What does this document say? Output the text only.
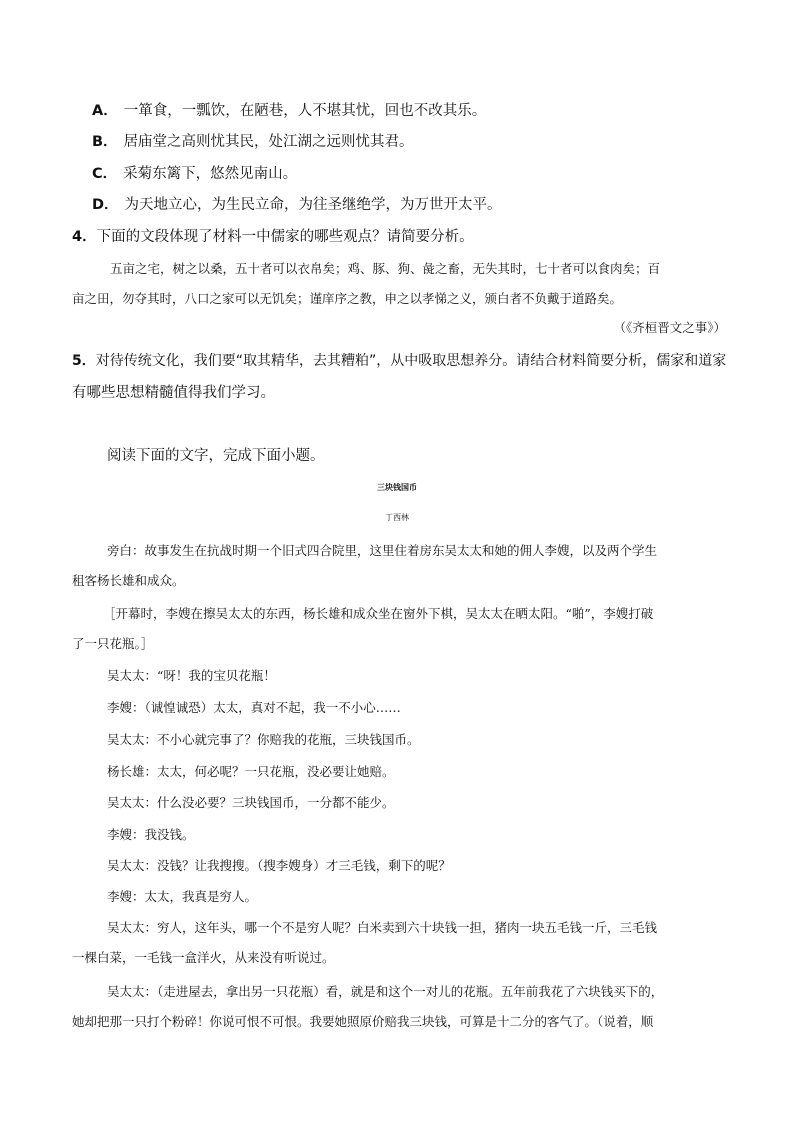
A． 一箪食，一瓢饮，在陋巷，人不堪其忧，回也不改其乐。
B． 居庙堂之高则忧其民，处江湖之远则忧其君。
C． 采菊东篱下，悠然见南山。
D． 为天地立心，为生民立命，为往圣继绝学，为万世开太平。
4．下面的文段体现了材料一中儒家的哪些观点？请简要分析。
五亩之宅，树之以桑，五十者可以衣帛矣；鸡、豚、狗、彘之畜，无失其时，七十者可以食肉矣；百
亩之田，勿夺其时，八口之家可以无饥矣；谨庠序之教，申之以孝悌之义，颁白者不负戴于道路矣。
（《齐桓晋文之事》）
5．对待传统文化，我们要“取其精华，去其糟粕”，从中吸取思想养分。请结合材料简要分析，儒家和道家
有哪些思想精髓值得我们学习。
阅读下面的文字，完成下面小题。
三块钱国币
丁西林
旁白：故事发生在抗战时期一个旧式四合院里，这里住着房东吴太太和她的佣人李嫂，以及两个学生
租客杨长雄和成众。
［开幕时，李嫂在擦吴太太的东西，杨长雄和成众坐在窗外下棋，吴太太在晒太阳。“啪”，李嫂打破
了一只花瓶。］
吴太太：“呀！我的宝贝花瓶！
李嫂：（诚惶诚恐）太太，真对不起，我一不小心……
吴太太：不小心就完事了？你赔我的花瓶，三块钱国币。
杨长雄：太太，何必呢？一只花瓶，没必要让她赔。
吴太太：什么没必要？三块钱国币，一分都不能少。
李嫂：我没钱。
吴太太：没钱？让我搜搜。（搜李嫂身）才三毛钱，剩下的呢？
李嫂：太太，我真是穷人。
吴太太：穷人，这年头，哪一个不是穷人呢？白米卖到六十块钱一担，猪肉一块五毛钱一斤，三毛钱
一棵白菜，一毛钱一盒洋火，从来没有听说过。
吴太太：（走进屋去，拿出另一只花瓶）看，就是和这个一对儿的花瓶。五年前我花了六块钱买下的，
她却把那一只打个粉碎！你说可恨不可恨。我要她照原价赔我三块钱，可算是十二分的客气了。（说着，顺
